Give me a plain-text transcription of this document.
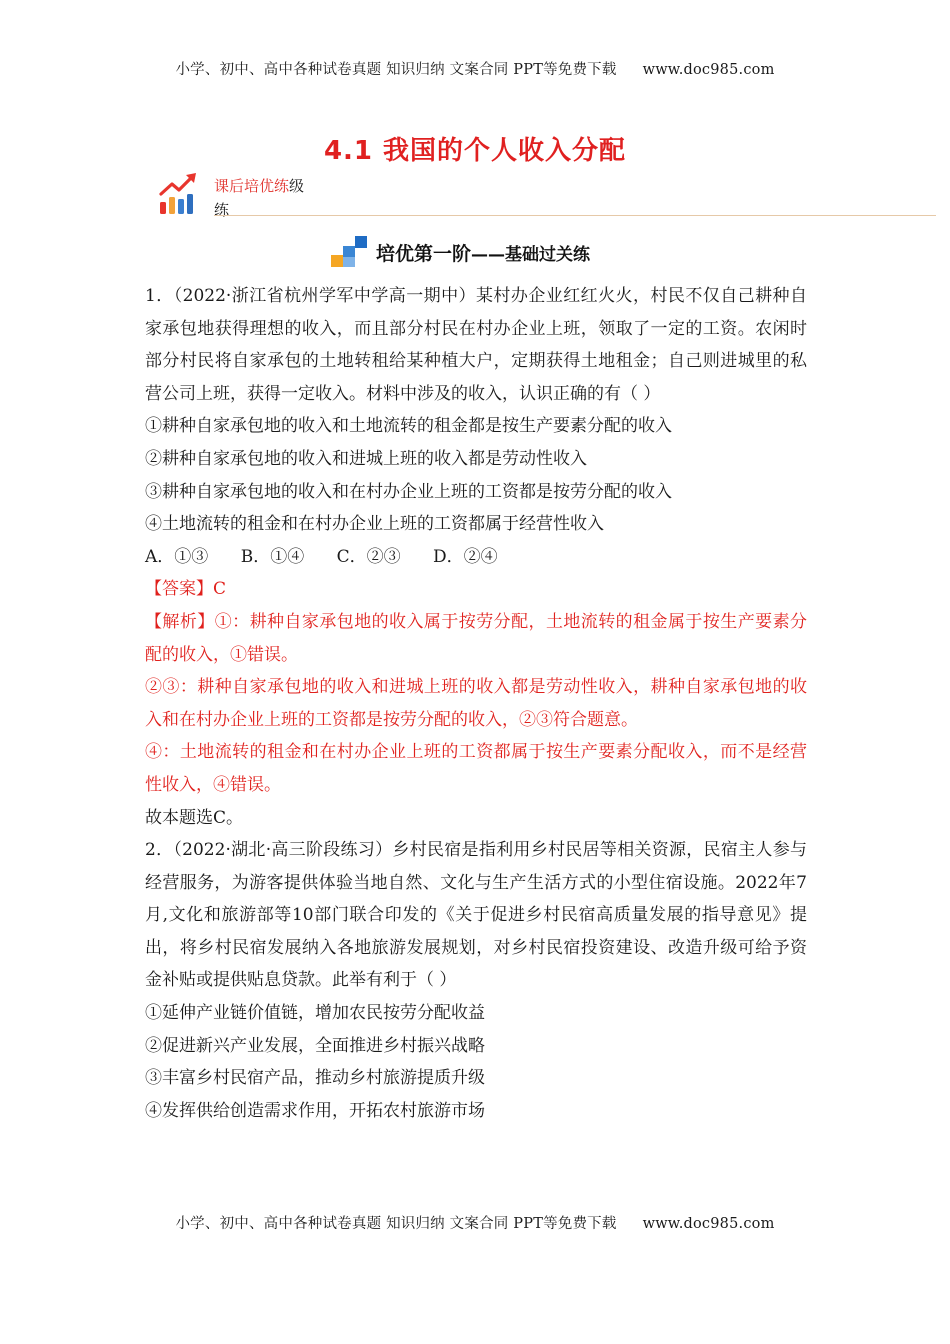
小学、初中、高中各种试卷真题 知识归纳 文案合同 PPT等免费下载 www.doc985.com
4.1 我国的个人收入分配
课后培优练级
练
培优第一阶 ——基础过关练

1．（2022·浙江省杭州学军中学高一期中）某村办企业红红火火，村民不仅自己耕种自家承包地获得理想的收入，而且部分村民在村办企业上班，领取了一定的工资。农闲时部分村民将自家承包的土地转租给某种植大户，定期获得土地租金；自己则进城里的私营公司上班，获得一定收入。材料中涉及的收入，认识正确的有（ ）

①耕种自家承包地的收入和土地流转的租金都是按生产要素分配的收入

②耕种自家承包地的收入和进城上班的收入都是劳动性收入

③耕种自家承包地的收入和在村办企业上班的工资都是按劳分配的收入

④土地流转的租金和在村办企业上班的工资都属于经营性收入

A．①③      B．①④      C．②③      D．②④

【答案】C

【解析】①：耕种自家承包地的收入属于按劳分配，土地流转的租金属于按生产要素分配的收入，①错误。

②③：耕种自家承包地的收入和进城上班的收入都是劳动性收入，耕种自家承包地的收入和在村办企业上班的工资都是按劳分配的收入，②③符合题意。

④：土地流转的租金和在村办企业上班的工资都属于按生产要素分配收入，而不是经营性收入，④错误。

故本题选C。

2．（2022·湖北·高三阶段练习）乡村民宿是指利用乡村民居等相关资源，民宿主人参与经营服务，为游客提供体验当地自然、文化与生产生活方式的小型住宿设施。2022年7月,文化和旅游部等10部门联合印发的《关于促进乡村民宿高质量发展的指导意见》提出，将乡村民宿发展纳入各地旅游发展规划，对乡村民宿投资建设、改造升级可给予资金补贴或提供贴息贷款。此举有利于（ ）

①延伸产业链价值链，增加农民按劳分配收益

②促进新兴产业发展，全面推进乡村振兴战略

③丰富乡村民宿产品，推动乡村旅游提质升级

④发挥供给创造需求作用，开拓农村旅游市场

小学、初中、高中各种试卷真题 知识归纳 文案合同 PPT等免费下载 www.doc985.com
